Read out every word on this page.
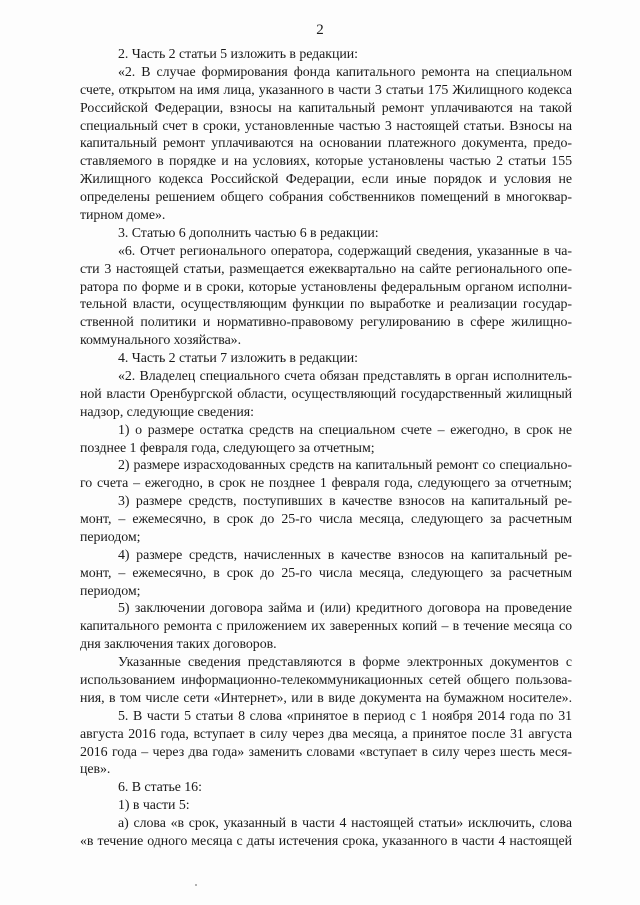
2
2. Часть 2 статьи 5 изложить в редакции:
«2. В случае формирования фонда капитального ремонта на специальном
счете, открытом на имя лица, указанного в части 3 статьи 175 Жилищного кодекса
Российской Федерации, взносы на капитальный ремонт уплачиваются на такой
специальный счет в сроки, установленные частью 3 настоящей статьи. Взносы на
капитальный ремонт уплачиваются на основании платежного документа, предо-
ставляемого в порядке и на условиях, которые установлены частью 2 статьи 155
Жилищного кодекса Российской Федерации, если иные порядок и условия не
определены решением общего собрания собственников помещений в многоквар-
тирном доме».
3. Статью 6 дополнить частью 6 в редакции:
«6. Отчет регионального оператора, содержащий сведения, указанные в ча-
сти 3 настоящей статьи, размещается ежеквартально на сайте регионального опе-
ратора по форме и в сроки, которые установлены федеральным органом исполни-
тельной власти, осуществляющим функции по выработке и реализации государ-
ственной политики и нормативно-правовому регулированию в сфере жилищно-
коммунального хозяйства».
4. Часть 2 статьи 7 изложить в редакции:
«2. Владелец специального счета обязан представлять в орган исполнитель-
ной власти Оренбургской области, осуществляющий государственный жилищный
надзор, следующие сведения:
1) о размере остатка средств на специальном счете – ежегодно, в срок не
позднее 1 февраля года, следующего за отчетным;
2) размере израсходованных средств на капитальный ремонт со специально-
го счета – ежегодно, в срок не позднее 1 февраля года, следующего за отчетным;
3) размере средств, поступивших в качестве взносов на капитальный ре-
монт, – ежемесячно, в срок до 25-го числа месяца, следующего за расчетным
периодом;
4) размере средств, начисленных в качестве взносов на капитальный ре-
монт, – ежемесячно, в срок до 25-го числа месяца, следующего за расчетным
периодом;
5) заключении договора займа и (или) кредитного договора на проведение
капитального ремонта с приложением их заверенных копий – в течение месяца со
дня заключения таких договоров.
Указанные сведения представляются в форме электронных документов с
использованием информационно-телекоммуникационных сетей общего пользова-
ния, в том числе сети «Интернет», или в виде документа на бумажном носителе».
5. В части 5 статьи 8 слова «принятое в период с 1 ноября 2014 года по 31
августа 2016 года, вступает в силу через два месяца, а принятое после 31 августа
2016 года – через два года» заменить словами «вступает в силу через шесть меся-
цев».
6. В статье 16:
1) в части 5:
а) слова «в срок, указанный в части 4 настоящей статьи» исключить, слова
«в течение одного месяца с даты истечения срока, указанного в части 4 настоящей
